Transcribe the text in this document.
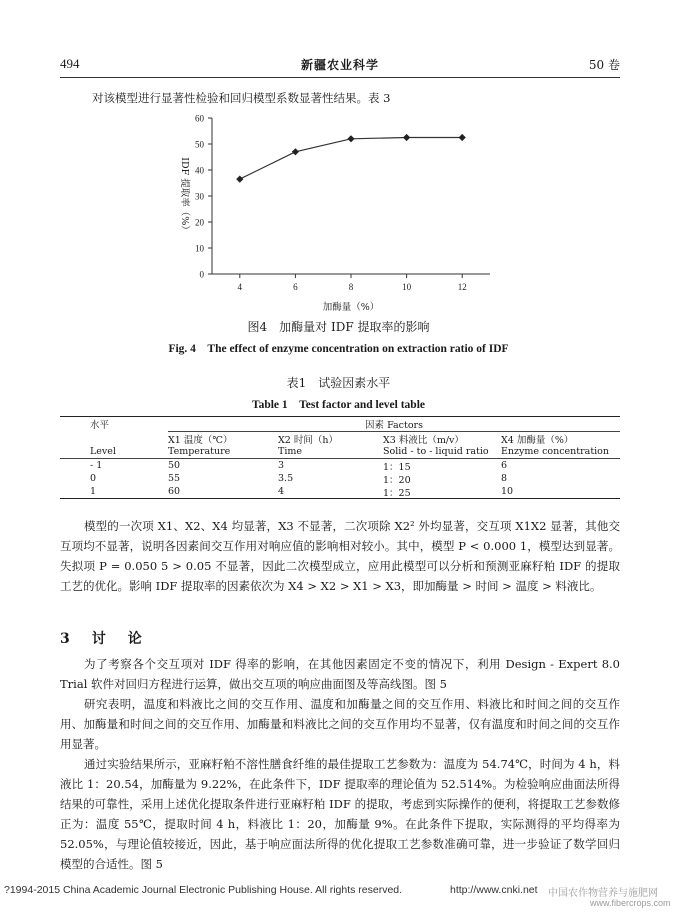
494	新疆农业科学	50 卷
对该模型进行显著性检验和回归模型系数显著性结果。表 3
0
10
20
30
40
50
60
4	6	8	10	12
加酶量（%）
IDF 提取率（%）
图4　加酶量对 IDF 提取率的影响
Fig. 4　The effect of enzyme concentration on extraction ratio of IDF
表1　试验因素水平
Table 1　Test factor and level table
水平	因素 Factors
X1 温度（℃）	X2 时间（h）	X3 料液比（m/v）	X4 加酶量（%）
Level	Temperature	Time	Solid - to - liquid ratio	Enzyme concentration
- 1	50	3	1：15	6
0	55	3.5	1：20	8
1	60	4	1：25	10
模型的一次项 X1、X2、X4 均显著，X3 不显著，二次项除 X2² 外均显著，交互项 X1X2 显著，其他交互项均不显著，说明各因素间交互作用对响应值的影响相对较小。其中，模型 P < 0.000 1，模型达到显著。失拟项 P = 0.050 5 > 0.05 不显著，因此二次模型成立，应用此模型可以分析和预测亚麻籽粕 IDF 的提取工艺的优化。影响 IDF 提取率的因素依次为 X4 > X2 > X1 > X3，即加酶量 > 时间 > 温度 > 料液比。
3　讨　论
为了考察各个交互项对 IDF 得率的影响，在其他因素固定不变的情况下，利用 Design - Expert 8.0 Trial 软件对回归方程进行运算，做出交互项的响应曲面图及等高线图。图 5
研究表明，温度和料液比之间的交互作用、温度和加酶量之间的交互作用、料液比和时间之间的交互作用、加酶量和时间之间的交互作用、加酶量和料液比之间的交互作用均不显著，仅有温度和时间之间的交互作用显著。
通过实验结果所示，亚麻籽粕不溶性膳食纤维的最佳提取工艺参数为：温度为 54.74℃，时间为 4 h，料液比 1：20.54，加酶量为 9.22%，在此条件下，IDF 提取率的理论值为 52.514%。为检验响应曲面法所得结果的可靠性，采用上述优化提取条件进行亚麻籽粕 IDF 的提取，考虑到实际操作的便利，将提取工艺参数修正为：温度 55℃，提取时间 4 h，料液比 1：20，加酶量 9%。在此条件下提取，实际测得的平均得率为 52.05%，与理论值较接近，因此，基于响应面法所得的优化提取工艺参数准确可靠，进一步验证了数学回归模型的合适性。图 5
?1994-2015 China Academic Journal Electronic Publishing House. All rights reserved.	http://www.cnki.net 中国农作物营养与施肥网
www.fibercrops.com
